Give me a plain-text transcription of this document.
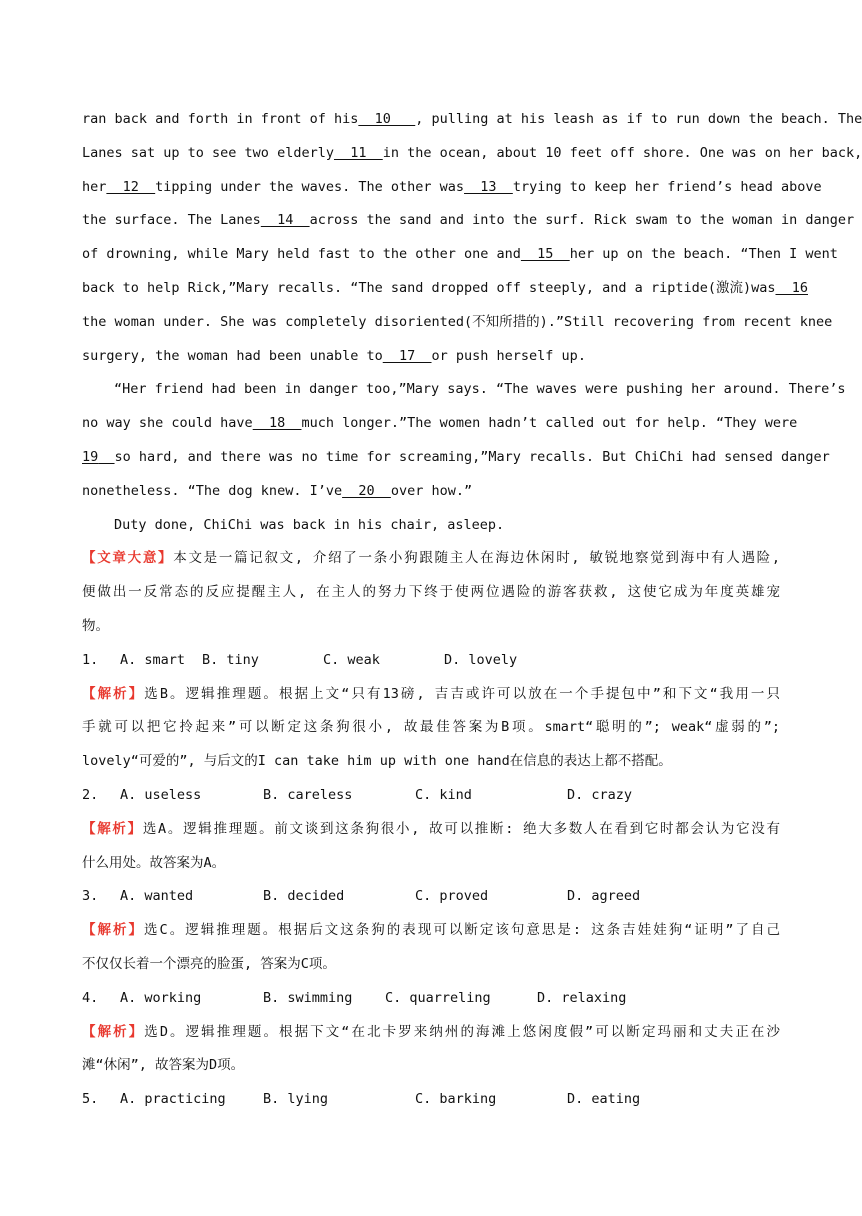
ran back and forth in front of his  10   , pulling at his leash as if to run down the beach. The
Lanes sat up to see two elderly  11  in the ocean, about 10 feet off shore. One was on her back,
her  12  tipping under the waves. The other was  13  trying to keep her friend’s head above
the surface. The Lanes  14  across the sand and into the surf. Rick swam to the woman in danger
of drowning, while Mary held fast to the other one and  15  her up on the beach. “Then I went
back to help Rick,”Mary recalls. “The sand dropped off steeply, and a riptide(激流)was  16
the woman under. She was completely disoriented(不知所措的).”Still recovering from recent knee
surgery, the woman had been unable to  17  or push herself up.
“Her friend had been in danger too,”Mary says. “The waves were pushing her around. There’s
no way she could have  18  much longer.”The women hadn’t called out for help. “They were
19 so hard, and there was no time for screaming,”Mary recalls. But ChiChi had sensed danger
nonetheless. “The dog knew. I’ve  20  over how.”
Duty done, ChiChi was back in his chair, asleep.
【文章大意】本文是一篇记叙文, 介绍了一条小狗跟随主人在海边休闲时, 敏锐地察觉到海中有人遇险,
便做出一反常态的反应提醒主人, 在主人的努力下终于使两位遇险的游客获救, 这使它成为年度英雄宠
物。
1.	A. smart	B. tiny	C. weak	D. lovely
【解析】选B。逻辑推理题。根据上文“只有13磅, 吉吉或许可以放在一个手提包中”和下文“我用一只
手就可以把它拎起来”可以断定这条狗很小, 故最佳答案为B项。smart“聪明的”; weak“虚弱的”;
lovely“可爱的”, 与后文的I can take him up with one hand在信息的表达上都不搭配。
2.	A. useless	B. careless	C. kind	D. crazy
【解析】选A。逻辑推理题。前文谈到这条狗很小, 故可以推断: 绝大多数人在看到它时都会认为它没有
什么用处。故答案为A。
3.	A. wanted	B. decided	C. proved	D. agreed
【解析】选C。逻辑推理题。根据后文这条狗的表现可以断定该句意思是: 这条吉娃娃狗“证明”了自己
不仅仅长着一个漂亮的脸蛋, 答案为C项。
4.	A. working	B. swimming	C. quarreling	D. relaxing
【解析】选D。逻辑推理题。根据下文“在北卡罗来纳州的海滩上悠闲度假”可以断定玛丽和丈夫正在沙
滩“休闲”, 故答案为D项。
5.	A. practicing	B. lying	C. barking	D. eating
